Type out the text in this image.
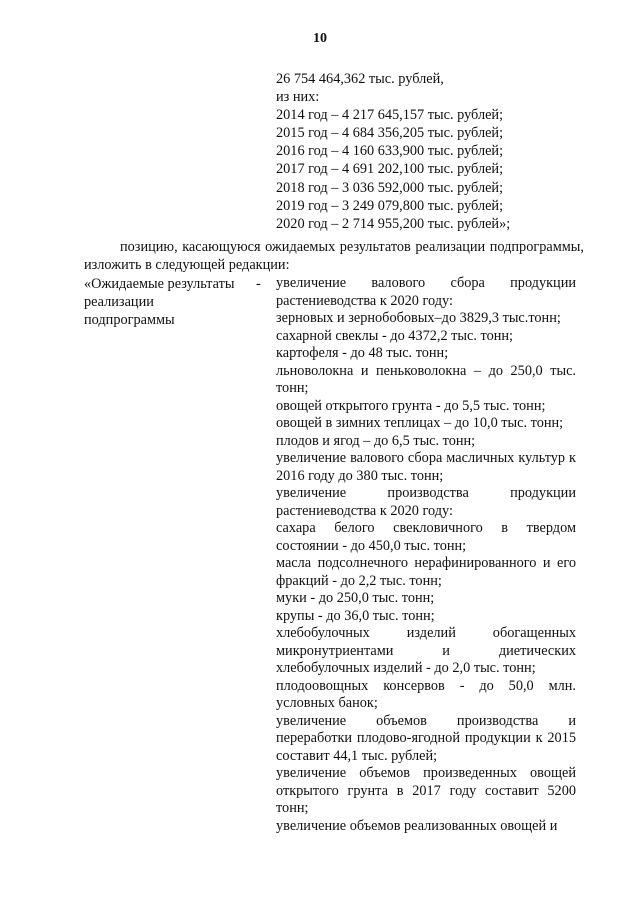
10
26 754 464,362 тыс. рублей,
из них:
2014 год – 4 217 645,157 тыс. рублей;
2015 год – 4 684 356,205 тыс. рублей;
2016 год – 4 160 633,900 тыс. рублей;
2017 год – 4 691 202,100 тыс. рублей;
2018 год – 3 036 592,000 тыс. рублей;
2019 год – 3 249 079,800 тыс. рублей;
2020 год – 2 714 955,200 тыс. рублей»;
позицию, касающуюся ожидаемых результатов реализации подпрограммы, изложить в следующей редакции:
«Ожидаемые результаты реализации подпрограммы
- увеличение валового сбора продукции растениеводства к 2020 году:
зерновых и зернобобовых–до 3829,3 тыс.тонн;
сахарной свеклы - до 4372,2 тыс. тонн;
картофеля - до 48 тыс. тонн;
льноволокна и пеньковолокна – до 250,0 тыс. тонн;
овощей открытого грунта - до 5,5 тыс. тонн;
овощей в зимних теплицах – до 10,0 тыс. тонн;
плодов и ягод – до 6,5 тыс. тонн;
увеличение валового сбора масличных культур к 2016 году до 380 тыс. тонн;
увеличение производства продукции растениеводства к 2020 году:
сахара белого свекловичного в твердом состоянии - до 450,0 тыс. тонн;
масла подсолнечного нерафинированного и его фракций - до 2,2 тыс. тонн;
муки - до 250,0 тыс. тонн;
крупы - до 36,0 тыс. тонн;
хлебобулочных изделий обогащенных микронутриентами и диетических хлебобулочных изделий - до 2,0 тыс. тонн;
плодоовощных консервов - до 50,0 млн. условных банок;
увеличение объемов производства и переработки плодово-ягодной продукции к 2015 составит 44,1 тыс. рублей;
увеличение объемов произведенных овощей открытого грунта в 2017 году составит 5200 тонн;
увеличение объемов реализованных овощей и
